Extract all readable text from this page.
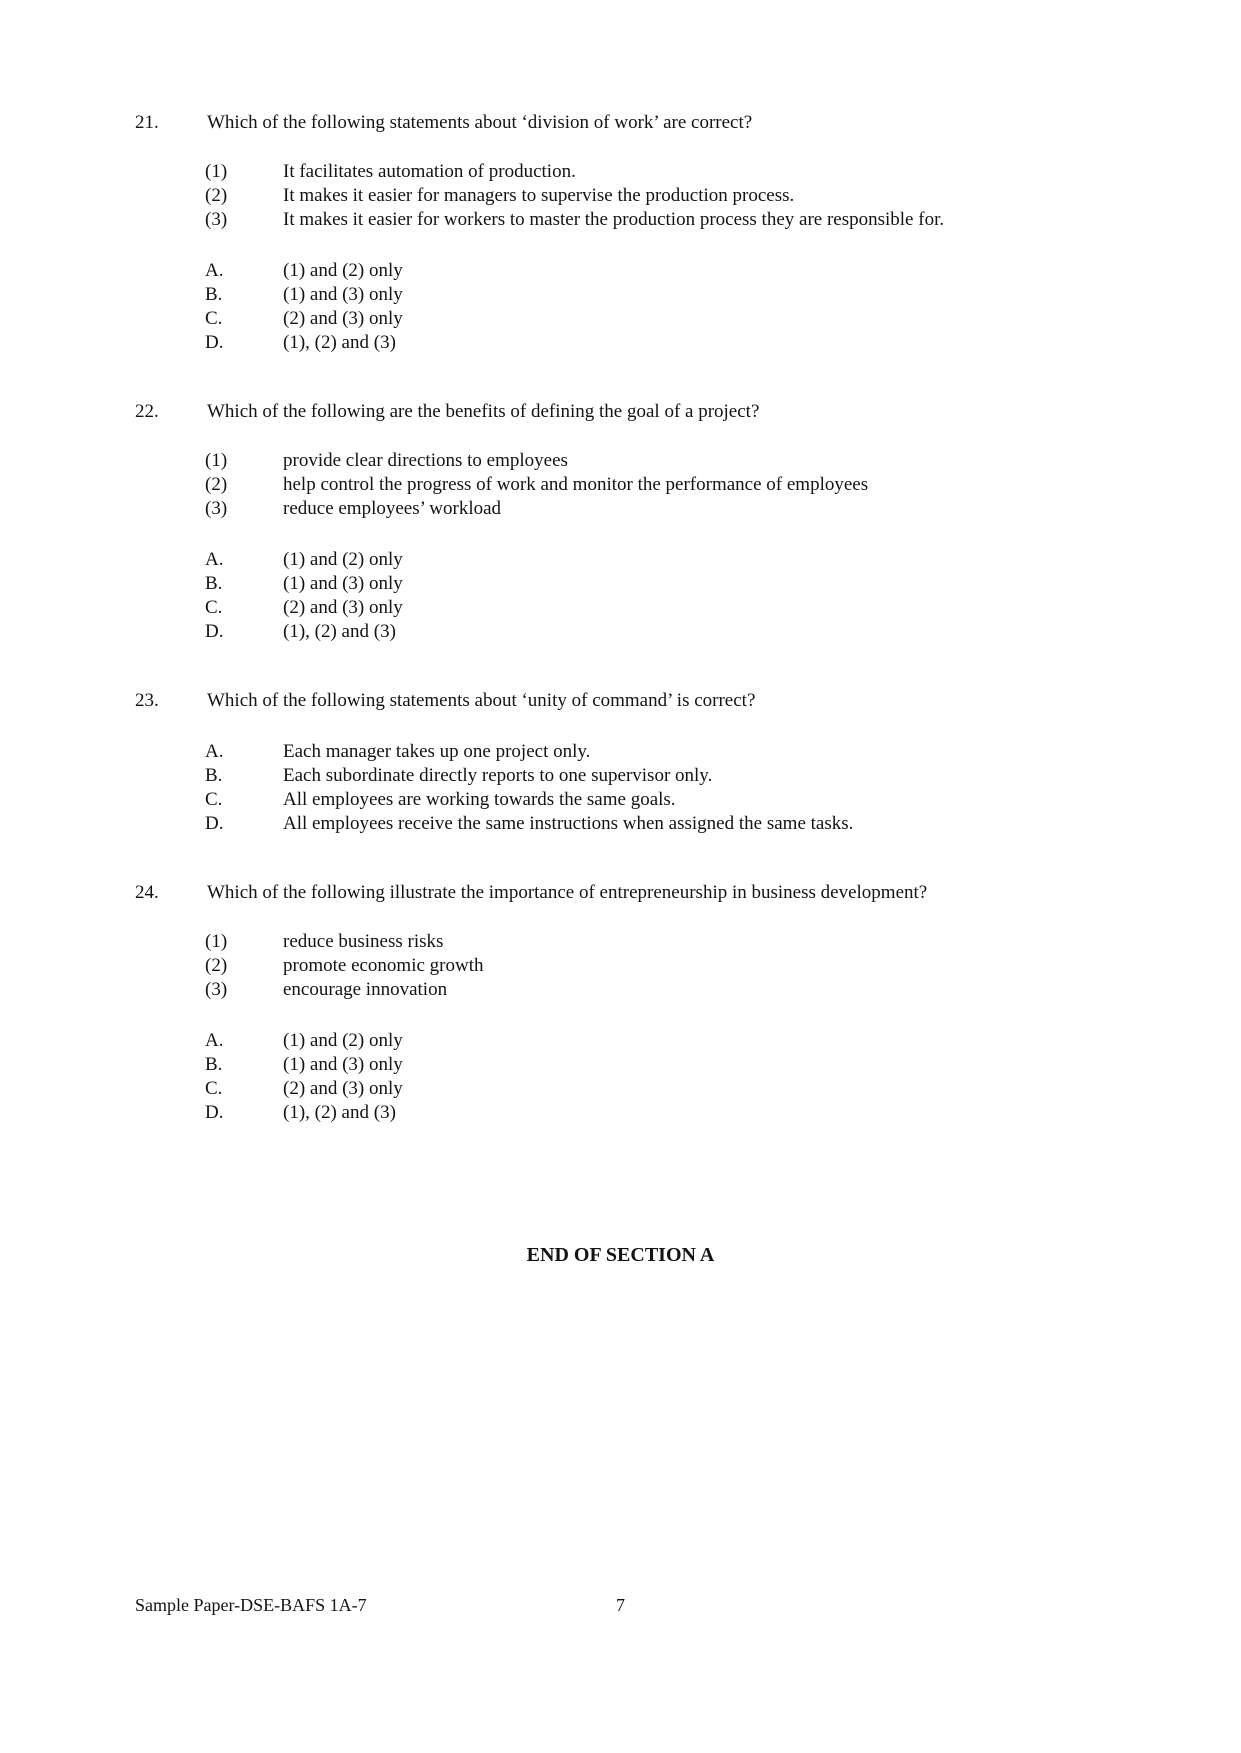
21.	Which of the following statements about ‘division of work’ are correct?
(1)	It facilitates automation of production.
(2)	It makes it easier for managers to supervise the production process.
(3)	It makes it easier for workers to master the production process they are responsible for.
A.	(1) and (2) only
B.	(1) and (3) only
C.	(2) and (3) only
D.	(1), (2) and (3)
22.	Which of the following are the benefits of defining the goal of a project?
(1)	provide clear directions to employees
(2)	help control the progress of work and monitor the performance of employees
(3)	reduce employees’ workload
A.	(1) and (2) only
B.	(1) and (3) only
C.	(2) and (3) only
D.	(1), (2) and (3)
23.	Which of the following statements about ‘unity of command’ is correct?
A.	Each manager takes up one project only.
B.	Each subordinate directly reports to one supervisor only.
C.	All employees are working towards the same goals.
D.	All employees receive the same instructions when assigned the same tasks.
24.	Which of the following illustrate the importance of entrepreneurship in business development?
(1)	reduce business risks
(2)	promote economic growth
(3)	encourage innovation
A.	(1) and (2) only
B.	(1) and (3) only
C.	(2) and (3) only
D.	(1), (2) and (3)
END OF SECTION A
Sample Paper-DSE-BAFS 1A-7	7
